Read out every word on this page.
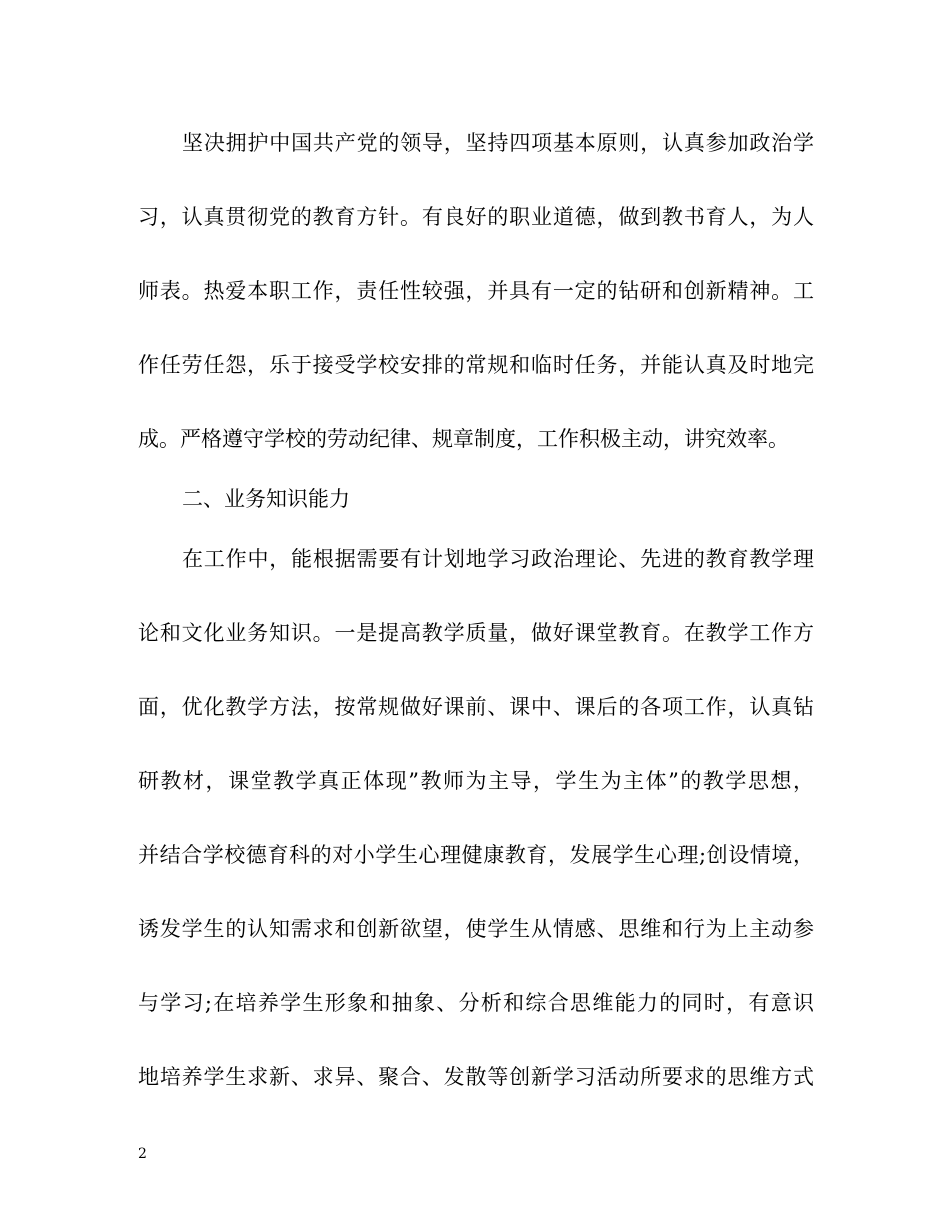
坚决拥护中国共产党的领导，坚持四项基本原则，认真参加政治学
习，认真贯彻党的教育方针。有良好的职业道德，做到教书育人，为人
师表。热爱本职工作，责任性较强，并具有一定的钻研和创新精神。工
作任劳任怨，乐于接受学校安排的常规和临时任务，并能认真及时地完
成。严格遵守学校的劳动纪律、规章制度，工作积极主动，讲究效率。
二、业务知识能力
在工作中，能根据需要有计划地学习政治理论、先进的教育教学理
论和文化业务知识。一是提高教学质量，做好课堂教育。在教学工作方
面，优化教学方法，按常规做好课前、课中、课后的各项工作，认真钻
研教材，课堂教学真正体现”教师为主导，学生为主体”的教学思想，
并结合学校德育科的对小学生心理健康教育，发展学生心理;创设情境，
诱发学生的认知需求和创新欲望，使学生从情感、思维和行为上主动参
与学习;在培养学生形象和抽象、分析和综合思维能力的同时，有意识
地培养学生求新、求异、聚合、发散等创新学习活动所要求的思维方式
2
